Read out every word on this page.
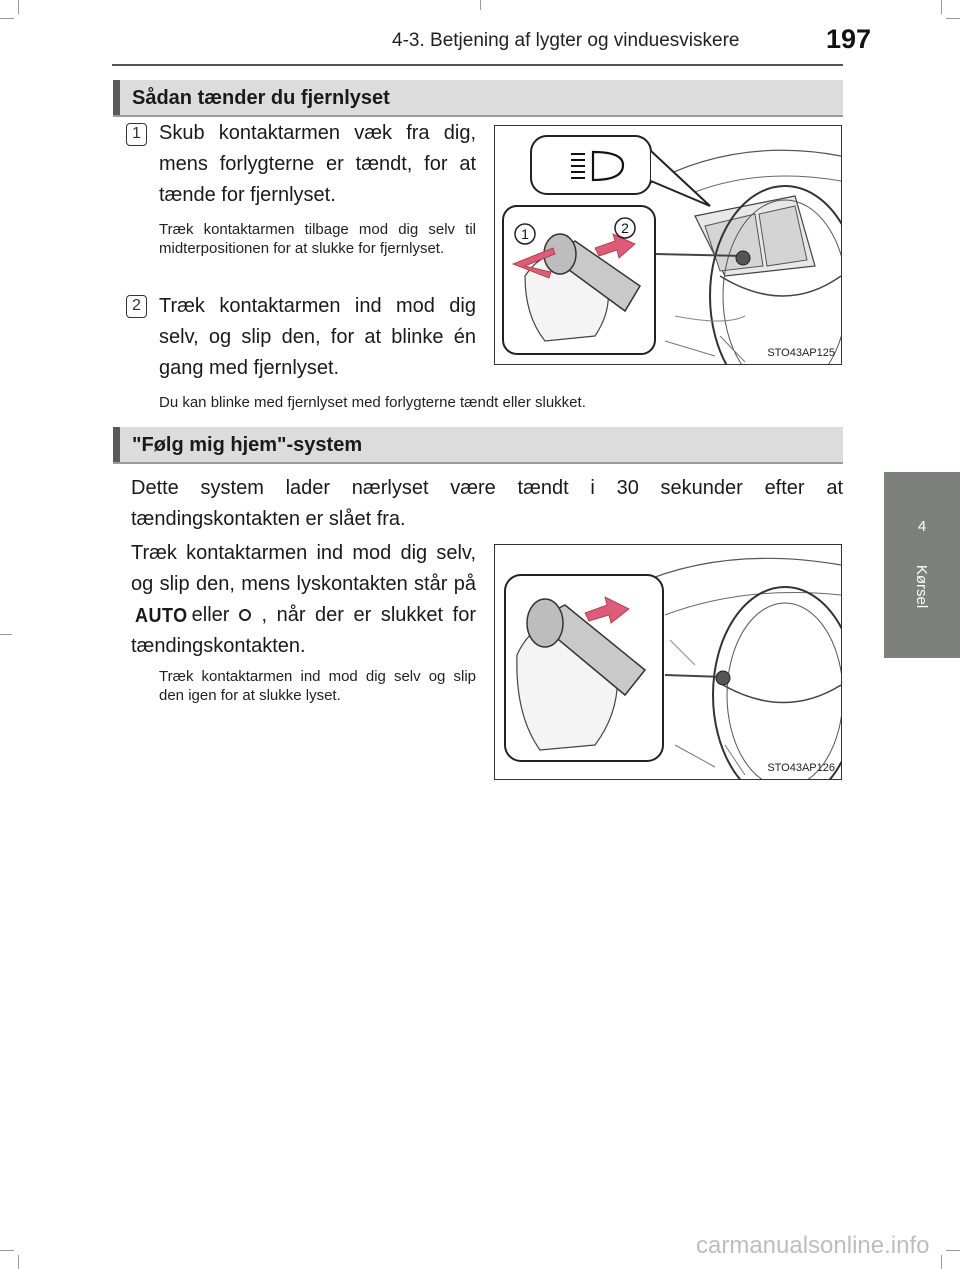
4-3. Betjening af lygter og vinduesviskere	197
4
Kørsel
Sådan tænder du fjernlyset
1 Skub kontaktarmen væk fra dig, mens forlygterne er tændt, for at tænde for fjernlyset.
Træk kontaktarmen tilbage mod dig selv til midterpositionen for at slukke for fjernlyset.
2 Træk kontaktarmen ind mod dig selv, og slip den, for at blinke én gang med fjernlyset.
Du kan blinke med fjernlyset med forlygterne tændt eller slukket.
1	2
STO43AP125
"Følg mig hjem"-system
Dette system lader nærlyset være tændt i 30 sekunder efter at tændingskontakten er slået fra.
Træk kontaktarmen ind mod dig selv, og slip den, mens lyskontakten står påAUTO eller , når der er slukket for tændingskontakten.
Træk kontaktarmen ind mod dig selv og slip den igen for at slukke lyset.
STO43AP126
carmanualsonline.info
